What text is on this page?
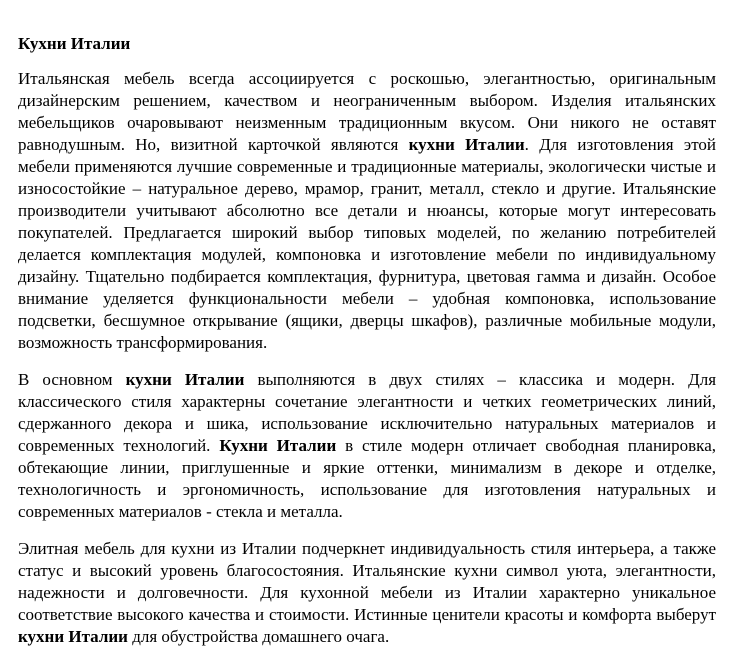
Кухни Италии

Итальянская мебель всегда ассоциируется с роскошью, элегантностью, оригинальным дизайнерским решением, качеством и неограниченным выбором. Изделия итальянских мебельщиков очаровывают неизменным традиционным вкусом. Они никого не оставят равнодушным. Но, визитной карточкой являются кухни Италии. Для изготовления этой мебели применяются лучшие современные и традиционные материалы, экологически чистые и износостойкие – натуральное дерево, мрамор, гранит, металл, стекло и другие. Итальянские производители учитывают абсолютно все детали и нюансы, которые могут интересовать покупателей. Предлагается широкий выбор типовых моделей, по желанию потребителей делается комплектация модулей, компоновка и изготовление мебели по индивидуальному дизайну. Тщательно подбирается комплектация, фурнитура, цветовая гамма и дизайн. Особое внимание уделяется функциональности мебели – удобная компоновка, использование подсветки, бесшумное открывание (ящики, дверцы шкафов), различные мобильные модули, возможность трансформирования.

В основном кухни Италии выполняются в двух стилях – классика и модерн. Для классического стиля характерны сочетание элегантности и четких геометрических линий, сдержанного декора и шика, использование исключительно натуральных материалов и современных технологий. Кухни Италии в стиле модерн отличает свободная планировка, обтекающие линии, приглушенные и яркие оттенки, минимализм в декоре и отделке, технологичность и эргономичность, использование для изготовления натуральных и современных материалов - стекла и металла.

Элитная мебель для кухни из Италии подчеркнет индивидуальность стиля интерьера, а также статус и высокий уровень благосостояния. Итальянские кухни символ уюта, элегантности, надежности и долговечности. Для кухонной мебели из Италии характерно уникальное соответствие высокого качества и стоимости. Истинные ценители красоты и комфорта выберут кухни Италии для обустройства домашнего очага.
